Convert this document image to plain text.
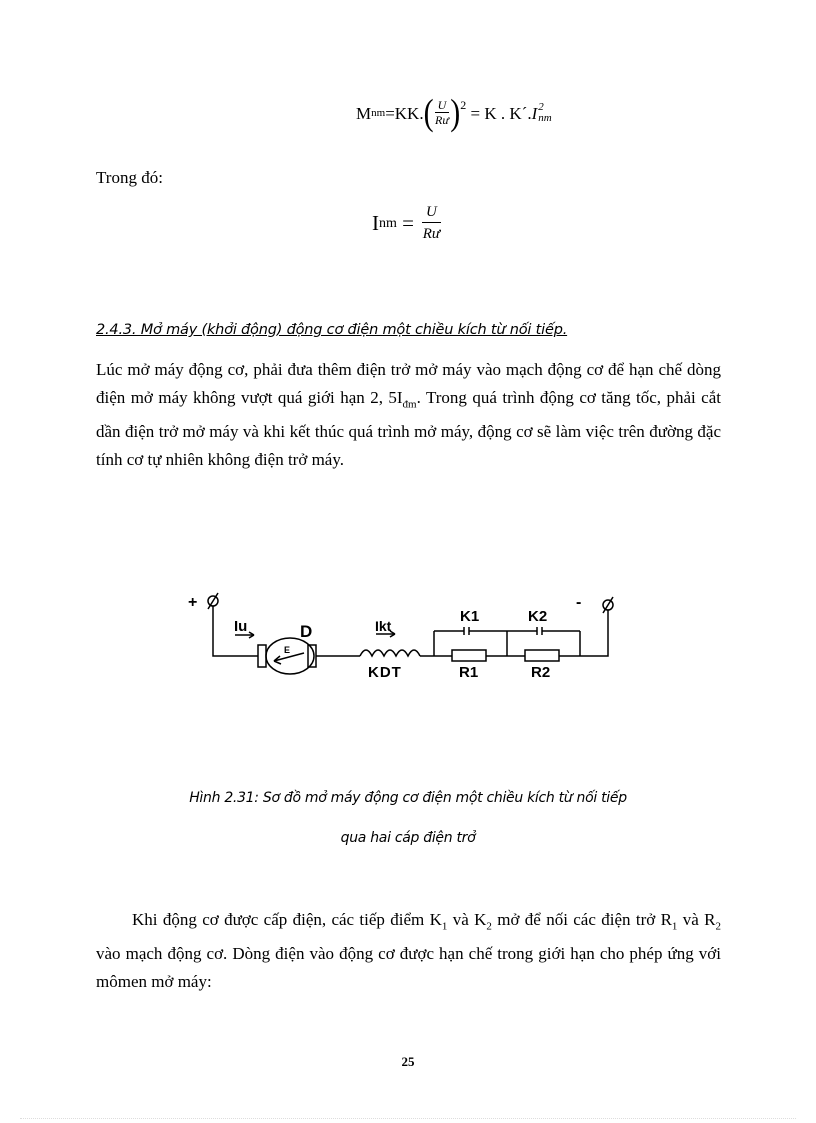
M nm =KK. ( $\frac{U}{Rư}$ ) 2
= K . K´. I 2
nm
Trong đó:
I nm
= $\frac{U}{Rư}$
2.4.3. Mở máy (khởi động) động cơ điện một chiều kích từ nối tiếp.
Lúc mở máy động cơ, phải đưa thêm điện trở mở máy vào mạch động cơ để hạn chế dòng điện mở máy không vượt quá giới hạn 2, $5I_{đm}$. Trong quá trình động cơ tăng tốc, phải cắt dần điện trở mở máy và khi kết thúc quá trình mở máy, động cơ sẽ làm việc trên đường đặc tính cơ tự nhiên không điện trở máy.
+	-
Iu	D
E
Ikt
KDT
K1	K2
R1	R2
Hình 2.31: Sơ đồ mở máy động cơ điện một chiều kích từ nối tiếp
qua hai cáp điện trở
Khi động cơ được cấp điện, các tiếp điểm $K_1$ và $K_2$ mở để nối các điện trở $R_1$ và $R_2$ vào mạch động cơ. Dòng điện vào động cơ được hạn chế trong giới hạn cho phép ứng với mômen mở máy:
25
